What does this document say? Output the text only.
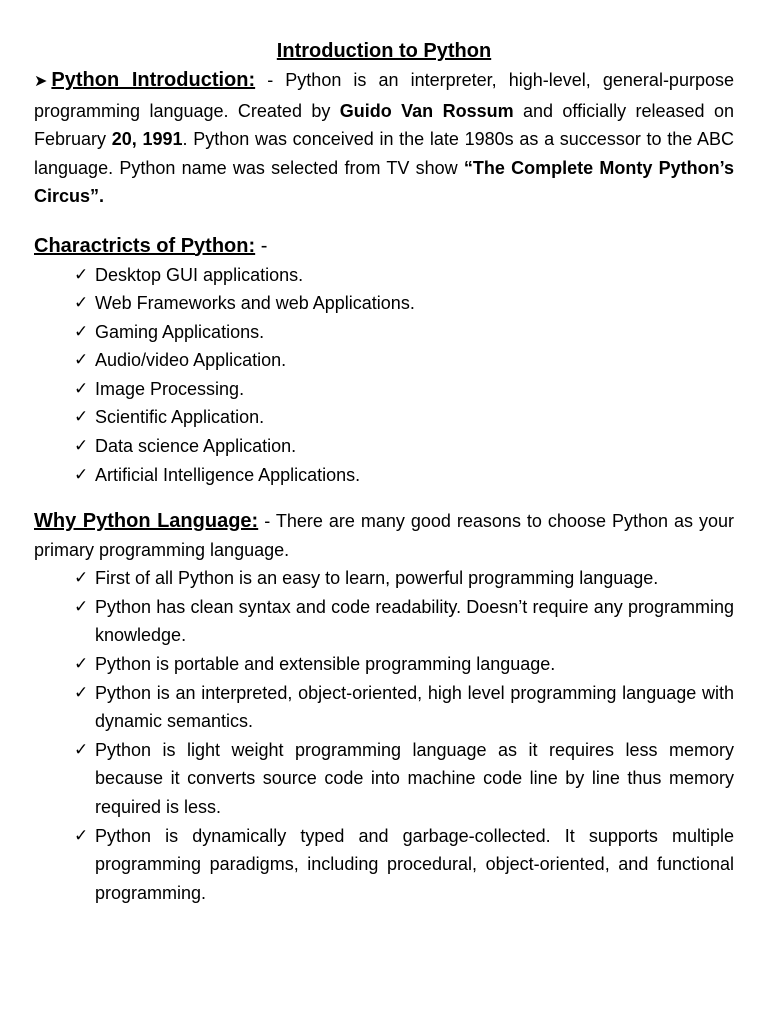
Introduction to Python

➤ Python Introduction: - Python is an interpreter, high-level, general-purpose programming language. Created by Guido Van Rossum and officially released on February 20, 1991. Python was conceived in the late 1980s as a successor to the ABC language. Python name was selected from TV show “The Complete Monty Python’s Circus”.

Charactricts of Python: -

✓ Desktop GUI applications.
✓ Web Frameworks and web Applications.
✓ Gaming Applications.
✓ Audio/video Application.
✓ Image Processing.
✓ Scientific Application.
✓ Data science Application.
✓ Artificial Intelligence Applications.

Why Python Language: - There are many good reasons to choose Python as your primary programming language.

✓ First of all Python is an easy to learn, powerful programming language.
✓ Python has clean syntax and code readability. Doesn’t require any programming knowledge.
✓ Python is portable and extensible programming language.
✓ Python is an interpreted, object-oriented, high level programming language with dynamic semantics.
✓ Python is light weight programming language as it requires less memory because it converts source code into machine code line by line thus memory required is less.
✓ Python is dynamically typed and garbage-collected. It supports multiple programming paradigms, including procedural, object-oriented, and functional programming.
